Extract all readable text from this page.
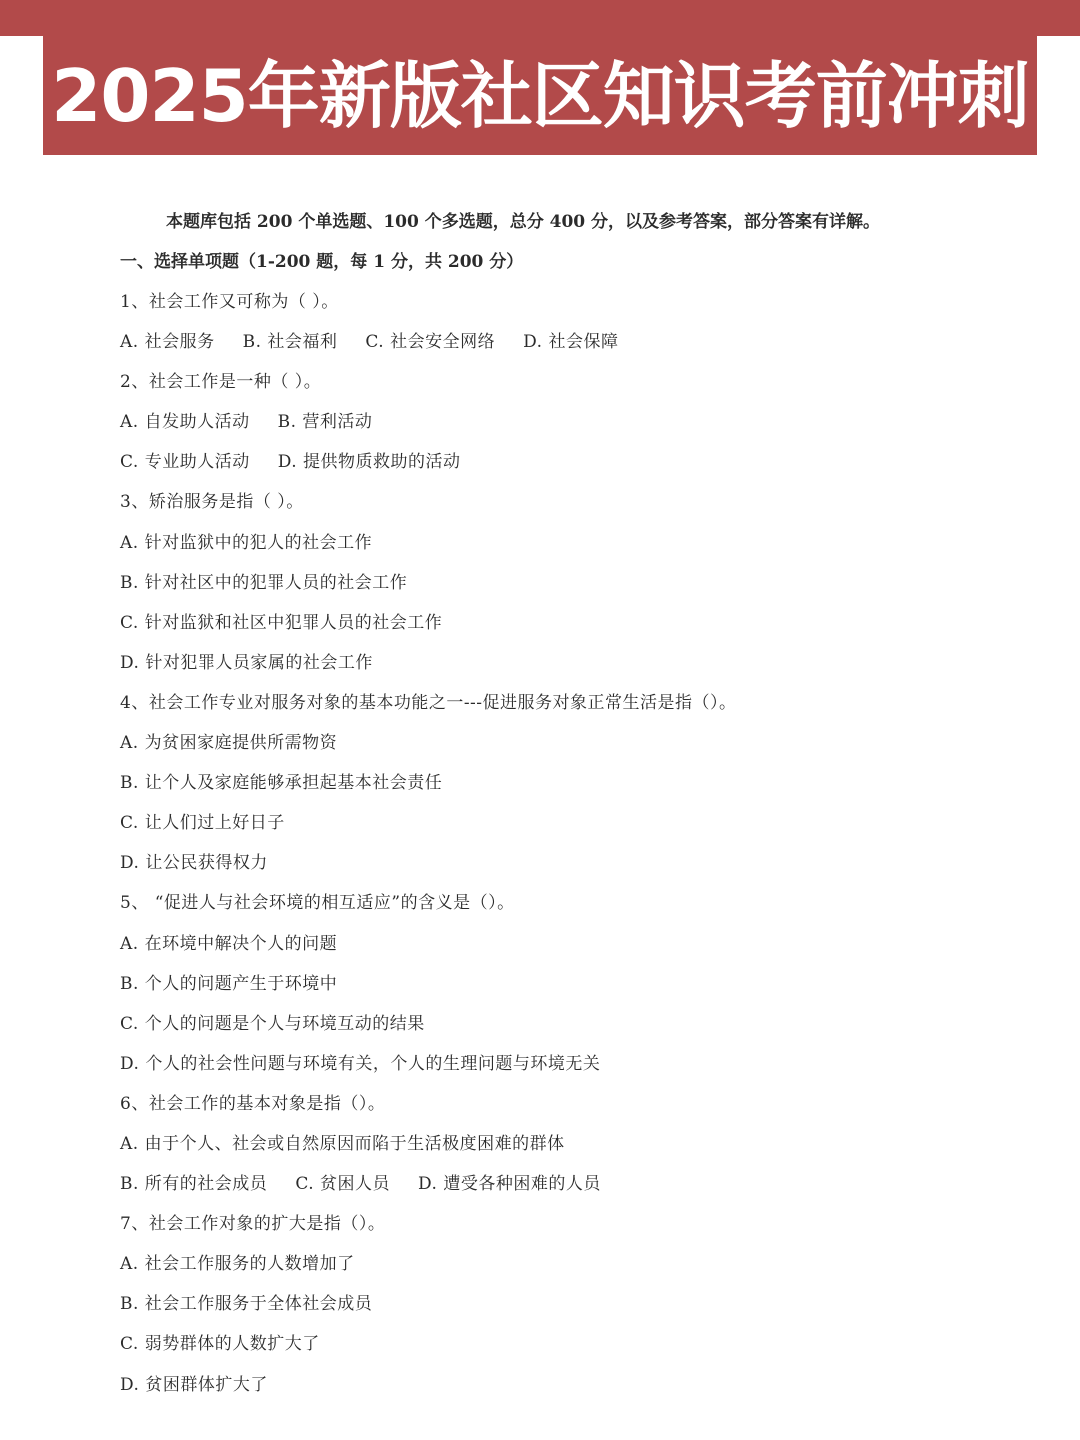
2025年新版社区知识考前冲刺
本题库包括 200 个单选题、100 个多选题，总分 400 分，以及参考答案，部分答案有详解。
一、选择单项题（1-200 题，每 1 分，共 200 分）
1、社会工作又可称为（ ）。
A. 社会服务 B. 社会福利 C. 社会安全网络 D. 社会保障
2、社会工作是一种（ ）。
A. 自发助人活动 B. 营利活动
C. 专业助人活动 D. 提供物质救助的活动
3、矫治服务是指（ ）。
A. 针对监狱中的犯人的社会工作
B. 针对社区中的犯罪人员的社会工作
C. 针对监狱和社区中犯罪人员的社会工作
D. 针对犯罪人员家属的社会工作
4、社会工作专业对服务对象的基本功能之一---促进服务对象正常生活是指（）。
A. 为贫困家庭提供所需物资
B. 让个人及家庭能够承担起基本社会责任
C. 让人们过上好日子
D. 让公民获得权力
5、 “促进人与社会环境的相互适应”的含义是（）。
A. 在环境中解决个人的问题
B. 个人的问题产生于环境中
C. 个人的问题是个人与环境互动的结果
D. 个人的社会性问题与环境有关，个人的生理问题与环境无关
6、社会工作的基本对象是指（）。
A. 由于个人、社会或自然原因而陷于生活极度困难的群体
B. 所有的社会成员 C. 贫困人员 D. 遭受各种困难的人员
7、社会工作对象的扩大是指（）。
A. 社会工作服务的人数增加了
B. 社会工作服务于全体社会成员
C. 弱势群体的人数扩大了
D. 贫困群体扩大了
